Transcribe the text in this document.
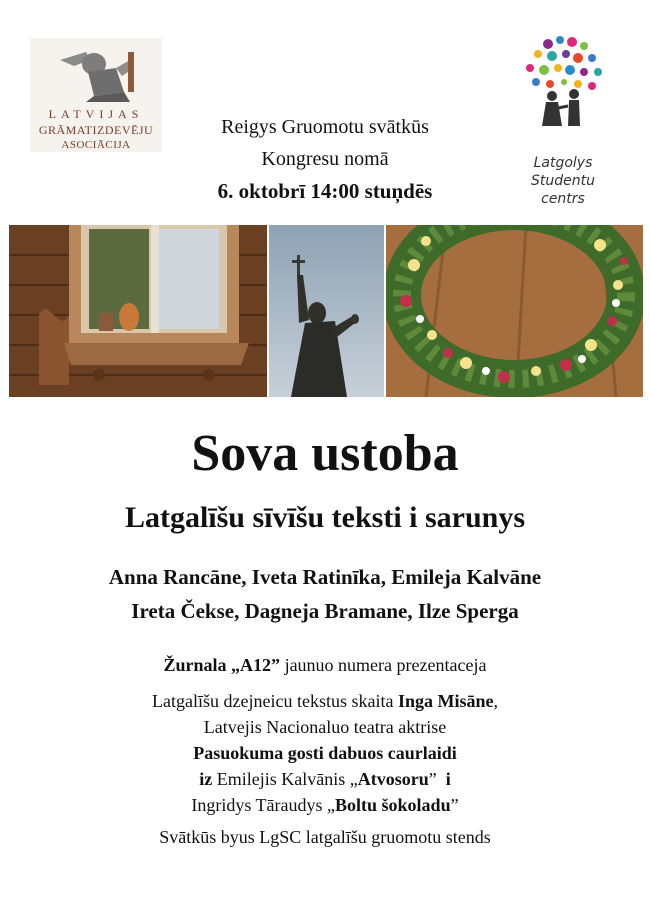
LATVIJAS
GRĀMATIZDEVĒJU
ASOCIĀCIJA
Reigys Gruomotu svātkūs
Kongresu nomā
6. oktobrī 14:00 stuņdēs
Latgolys
Studentu
centrs
Sova ustoba
Latgalīšu sīvīšu teksti i sarunys
Anna Rancāne, Iveta Ratinīka, Emileja Kalvāne
Ireta Čekse, Dagneja Bramane, Ilze Sperga
Žurnala „A12” jaunuo numera prezentaceja
Latgalīšu dzejneicu tekstus skaita Inga Misāne,
Latvejis Nacionaluo teatra aktrise
Pasuokuma gosti dabuos caurlaidi
iz Emilejis Kalvānis „Atvosoru”  i
Ingridys Tāraudys „Boltu šokoladu”
Svātkūs byus LgSC latgalīšu gruomotu stends
